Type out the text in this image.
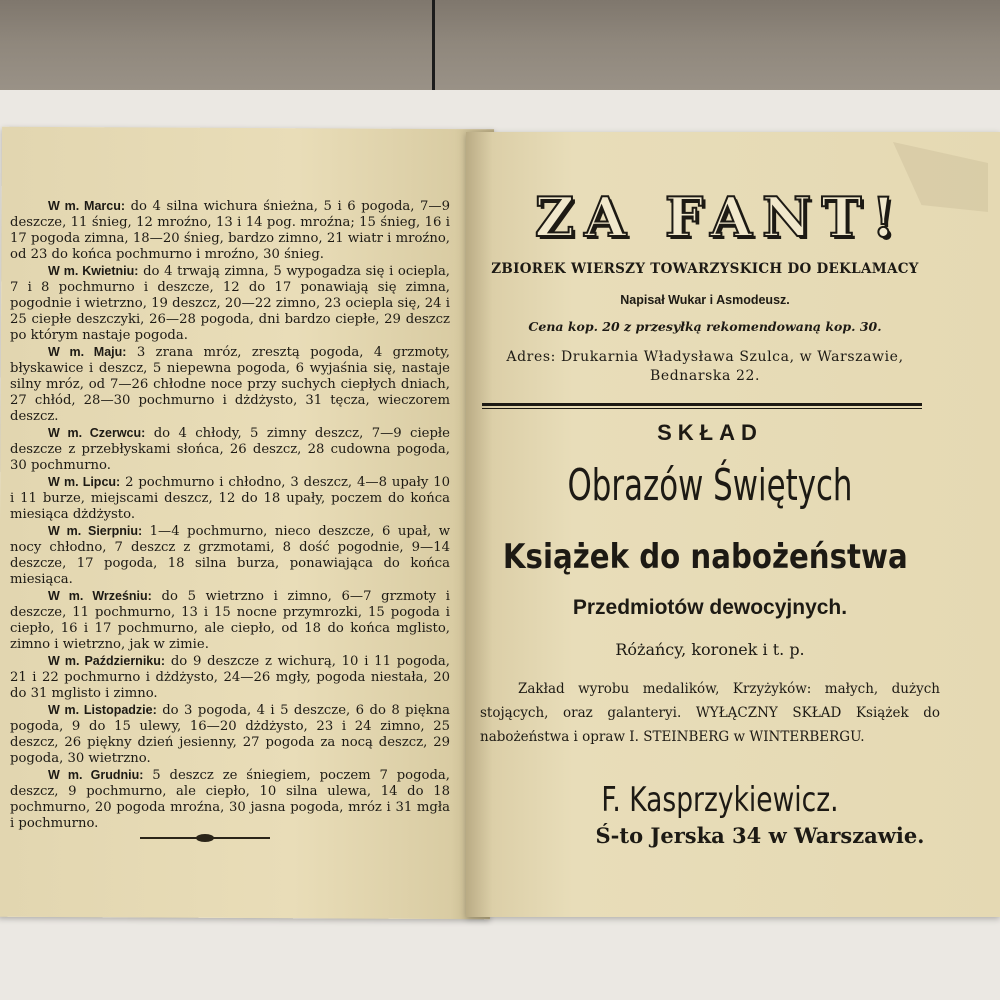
W m. Marcu: do 4 silna wichura śnieżna, 5 i 6 pogoda, 7—9 deszcze, 11 śnieg, 12 mroźno, 13 i 14 pog. mroźna; 15 śnieg, 16 i 17 pogoda zimna, 18—20 śnieg, bardzo zimno, 21 wiatr i mroźno, od 23 do końca pochmurno i mroźno, 30 śnieg.

W m. Kwietniu: do 4 trwają zimna, 5 wypogadza się i ociepla, 7 i 8 pochmurno i deszcze, 12 do 17 ponawiają się zimna, pogodnie i wietrzno, 19 deszcz, 20—22 zimno, 23 ociepla się, 24 i 25 ciepłe deszczyki, 26—28 pogoda, dni bardzo ciepłe, 29 deszcz po którym nastaje pogoda.

W m. Maju: 3 zrana mróz, zresztą pogoda, 4 grzmoty, błyskawice i deszcz, 5 niepewna pogoda, 6 wyjaśnia się, nastaje silny mróz, od 7—26 chłodne noce przy suchych ciepłych dniach, 27 chłód, 28—30 pochmurno i dżdżysto, 31 tęcza, wieczorem deszcz.

W m. Czerwcu: do 4 chłody, 5 zimny deszcz, 7—9 ciepłe deszcze z przebłyskami słońca, 26 deszcz, 28 cudowna pogoda, 30 pochmurno.

W m. Lipcu: 2 pochmurno i chłodno, 3 deszcz, 4—8 upały 10 i 11 burze, miejscami deszcz, 12 do 18 upały, poczem do końca miesiąca dżdżysto.

W m. Sierpniu: 1—4 pochmurno, nieco deszcze, 6 upał, w nocy chłodno, 7 deszcz z grzmotami, 8 dość pogodnie, 9—14 deszcze, 17 pogoda, 18 silna burza, ponawiająca do końca miesiąca.

W m. Wrześniu: do 5 wietrzno i zimno, 6—7 grzmoty i deszcze, 11 pochmurno, 13 i 15 nocne przymrozki, 15 pogoda i ciepło, 16 i 17 pochmurno, ale ciepło, od 18 do końca mglisto, zimno i wietrzno, jak w zimie.

W m. Październiku: do 9 deszcze z wichurą, 10 i 11 pogoda, 21 i 22 pochmurno i dżdżysto, 24—26 mgły, pogoda niestała, 20 do 31 mglisto i zimno.

W m. Listopadzie: do 3 pogoda, 4 i 5 deszcze, 6 do 8 piękna pogoda, 9 do 15 ulewy, 16—20 dżdżysto, 23 i 24 zimno, 25 deszcz, 26 piękny dzień jesienny, 27 pogoda za nocą deszcz, 29 pogoda, 30 wietrzno.

W m. Grudniu: 5 deszcz ze śniegiem, poczem 7 pogoda, deszcz, 9 pochmurno, ale ciepło, 10 silna ulewa, 14 do 18 pochmurno, 20 pogoda mroźna, 30 jasna pogoda, mróz i 31 mgła i pochmurno.

ZA FANT!
ZBIOREK WIERSZY TOWARZYSKICH DO DEKLAMACY
Napisał Wukar i Asmodeusz.
Cena kop. 20 z przesyłką rekomendowaną kop. 30.
Adres: Drukarnia Władysława Szulca, w Warszawie,
Bednarska 22.
SKŁAD
Obrazów Świętych
Książek do nabożeństwa
Przedmiotów dewocyjnych.
Różańcy, koronek i t. p.
Zakład wyrobu medalików, Krzyżyków: małych, dużych stojących, oraz galanteryi. WYŁĄCZNY SKŁAD Książek do nabożeństwa i opraw I. STEINBERG w WINTERBERGU.
F. Kasprzykiewicz.
Ś-to Jerska 34 w Warszawie.
